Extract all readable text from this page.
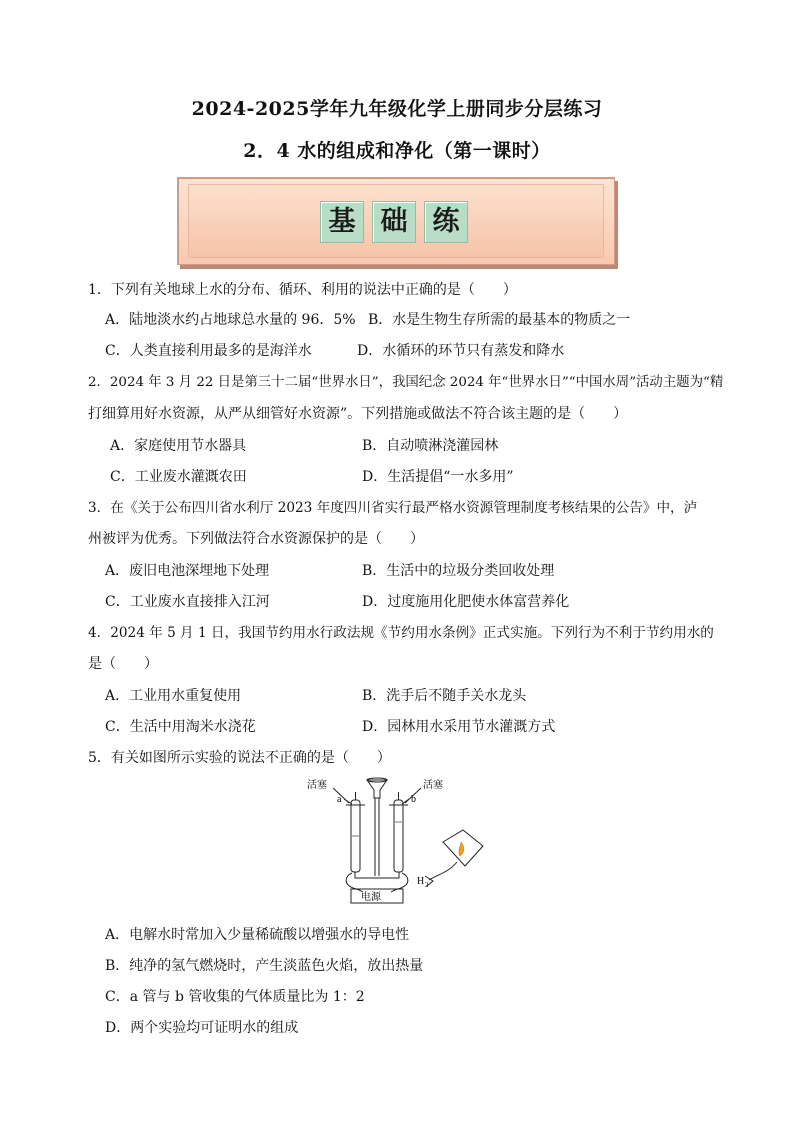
2024-2025学年九年级化学上册同步分层练习
2．4 水的组成和净化（第一课时）
基 础 练
1．下列有关地球上水的分布、循环、利用的说法中正确的是（　　）
A．陆地淡水约占地球总水量的 96．5% B．水是生物生存所需的最基本的物质之一
C．人类直接利用最多的是海洋水	D．水循环的环节只有蒸发和降水
2．2024 年 3 月 22 日是第三十二届“世界水日”，我国纪念 2024 年“世界水日”“中国水周”活动主题为“精
打细算用好水资源，从严从细管好水资源”。下列措施或做法不符合该主题的是（　　）
A．家庭使用节水器具	B．自动喷淋浇灌园林
C．工业废水灌溉农田	D．生活提倡“一水多用”
3．在《关于公布四川省水利厅 2023 年度四川省实行最严格水资源管理制度考核结果的公告》中，泸
州被评为优秀。下列做法符合水资源保护的是（　　）
A．废旧电池深埋地下处理	B．生活中的垃圾分类回收处理
C．工业废水直接排入江河	D．过度施用化肥使水体富营养化
4．2024 年 5 月 1 日，我国节约用水行政法规《节约用水条例》正式实施。下列行为不利于节约用水的
是（　　）
A．工业用水重复使用	B．洗手后不随手关水龙头
C．生活中用淘米水浇花	D．园林用水采用节水灌溉方式
5．有关如图所示实验的说法不正确的是（　　）
活塞	活塞
a	b
电源
H 2
A．电解水时常加入少量稀硫酸以增强水的导电性
B．纯净的氢气燃烧时，产生淡蓝色火焰，放出热量
C．a 管与 b 管收集的气体质量比为 1：2
D．两个实验均可证明水的组成
